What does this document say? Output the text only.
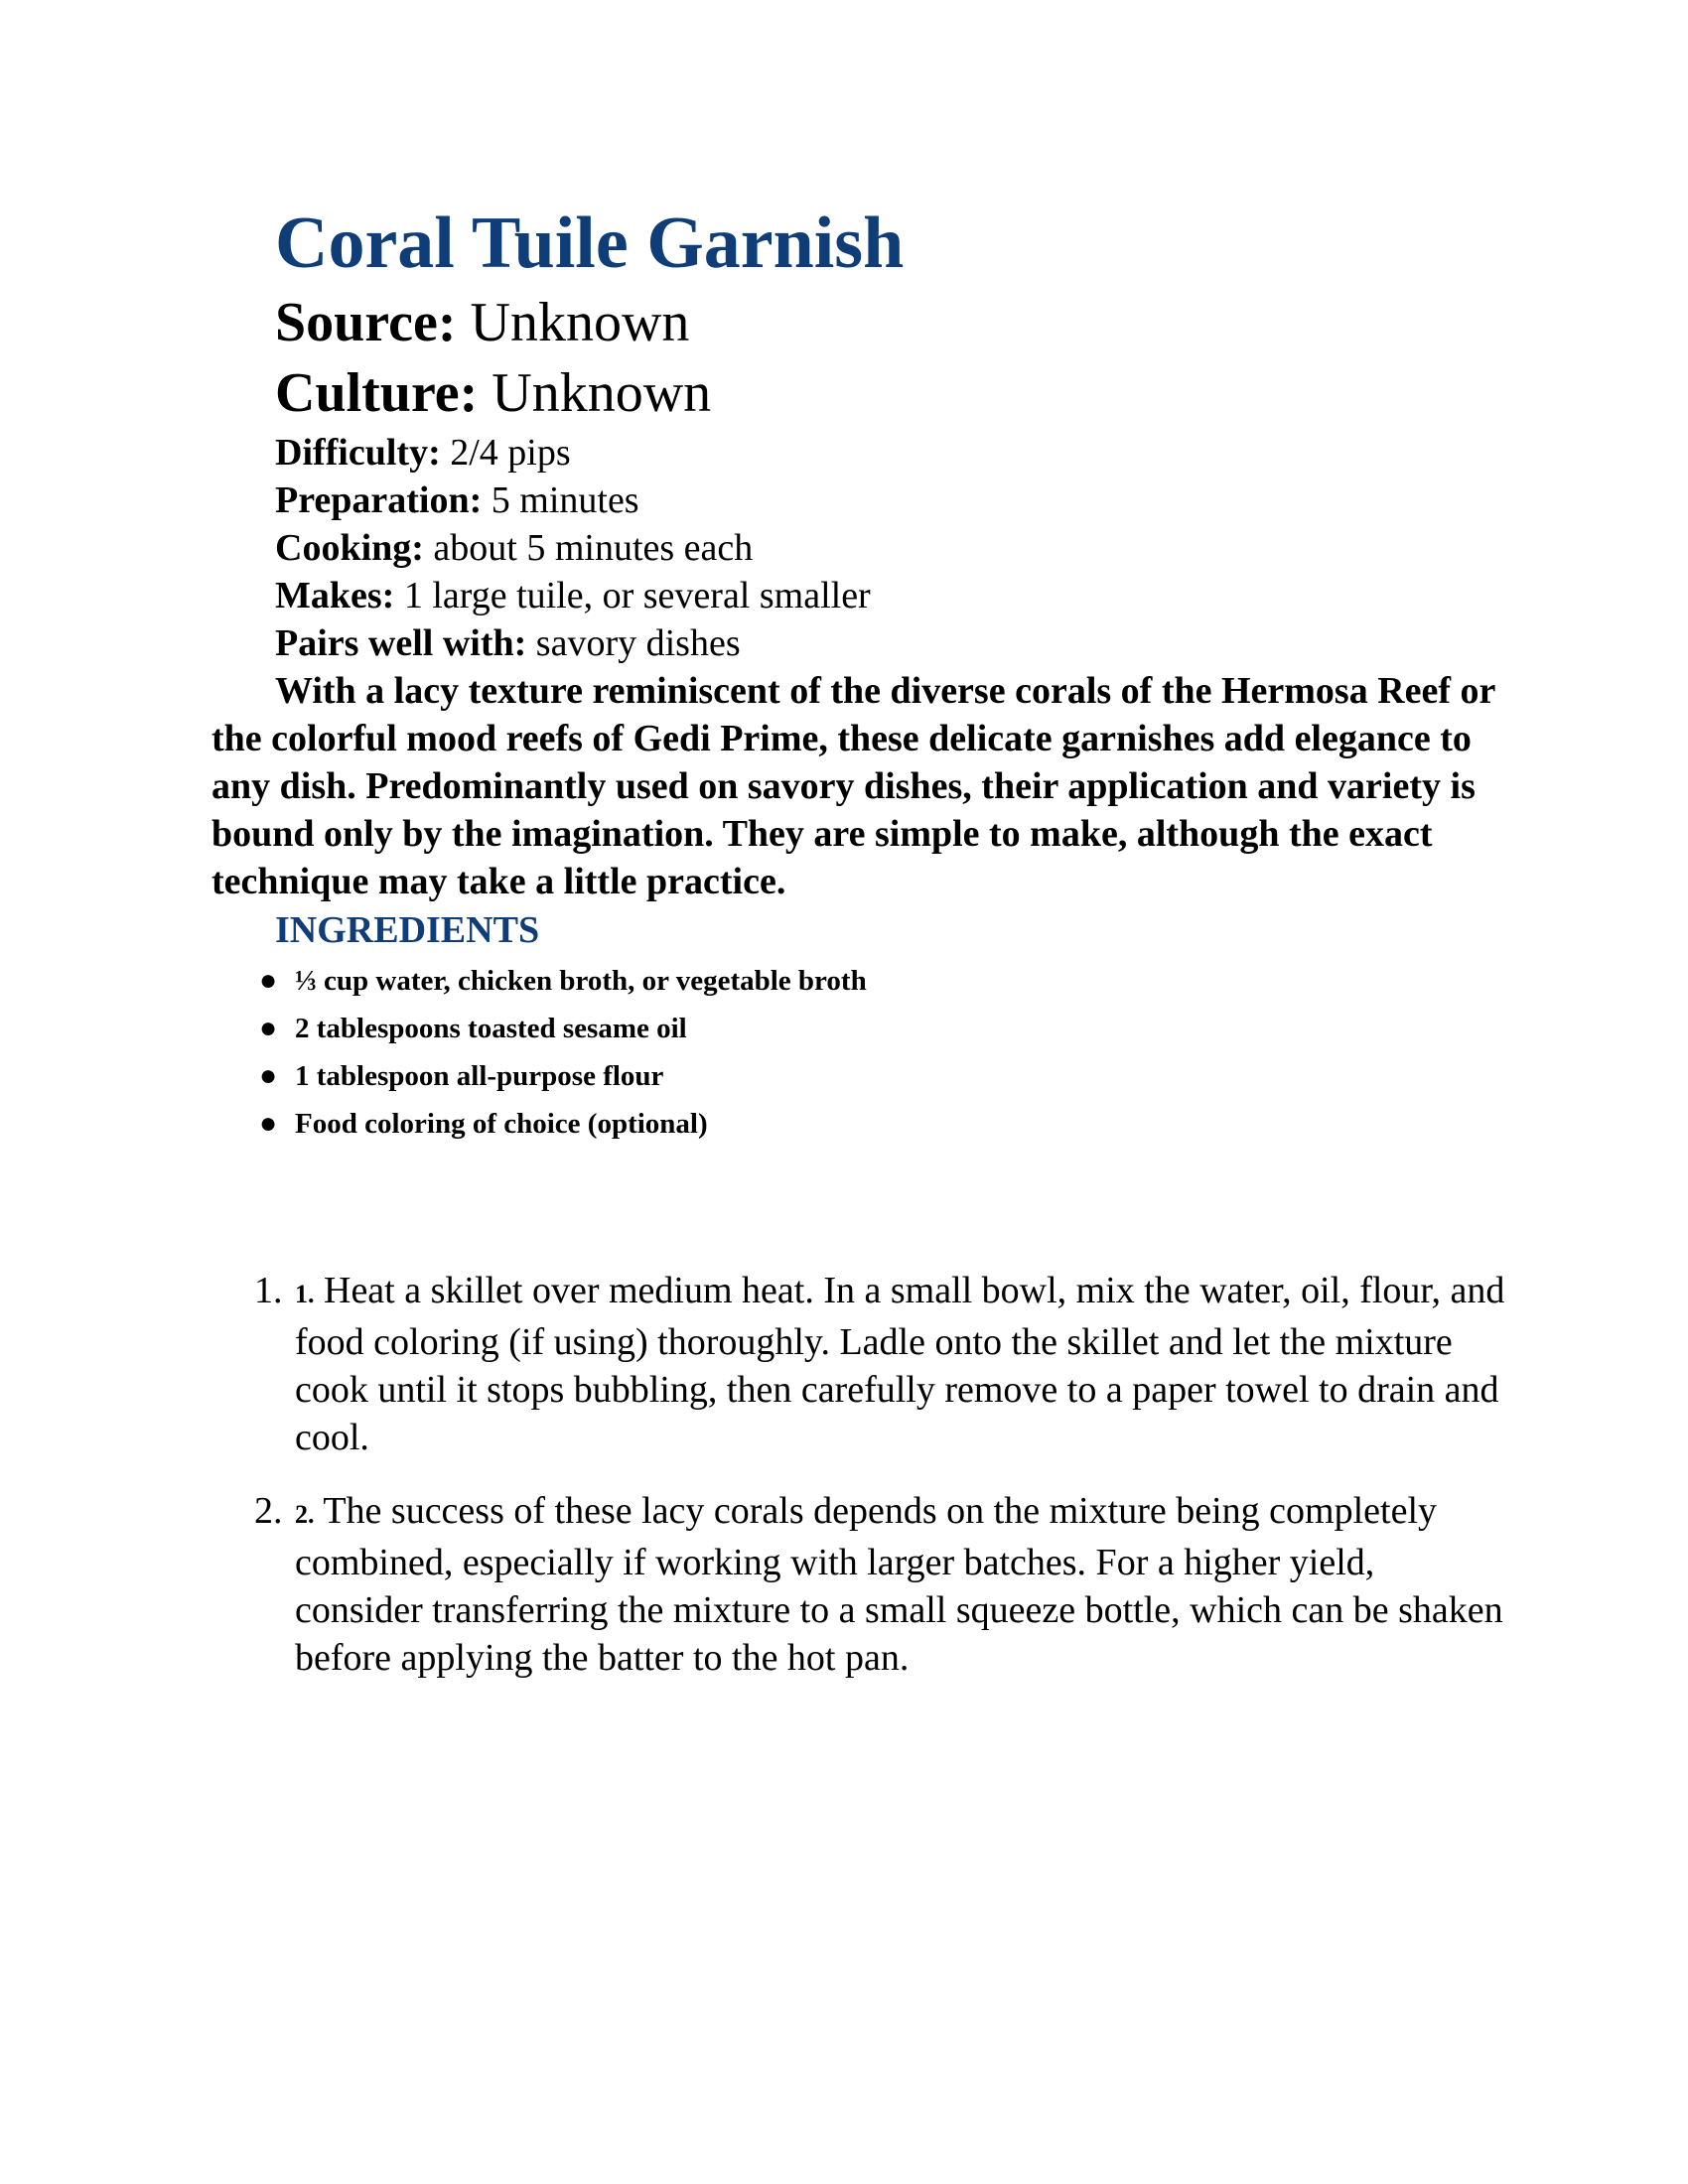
Coral Tuile Garnish

Source: Unknown

Culture: Unknown

Difficulty: 2/4 pips

Preparation: 5 minutes

Cooking: about 5 minutes each

Makes: 1 large tuile, or several smaller

Pairs well with: savory dishes

With a lacy texture reminiscent of the diverse corals of the Hermosa Reef or the colorful mood reefs of Gedi Prime, these delicate garnishes add elegance to any dish. Predominantly used on savory dishes, their application and variety is bound only by the imagination. They are simple to make, although the exact technique may take a little practice.

INGREDIENTS
● ⅓ cup water, chicken broth, or vegetable broth
● 2 tablespoons toasted sesame oil
● 1 tablespoon all-purpose flour
● Food coloring of choice (optional)
1. 1. Heat a skillet over medium heat. In a small bowl, mix the water, oil, flour, and food coloring (if using) thoroughly. Ladle onto the skillet and let the mixture cook until it stops bubbling, then carefully remove to a paper towel to drain and cool.
2. 2. The success of these lacy corals depends on the mixture being completely combined, especially if working with larger batches. For a higher yield, consider transferring the mixture to a small squeeze bottle, which can be shaken before applying the batter to the hot pan.
